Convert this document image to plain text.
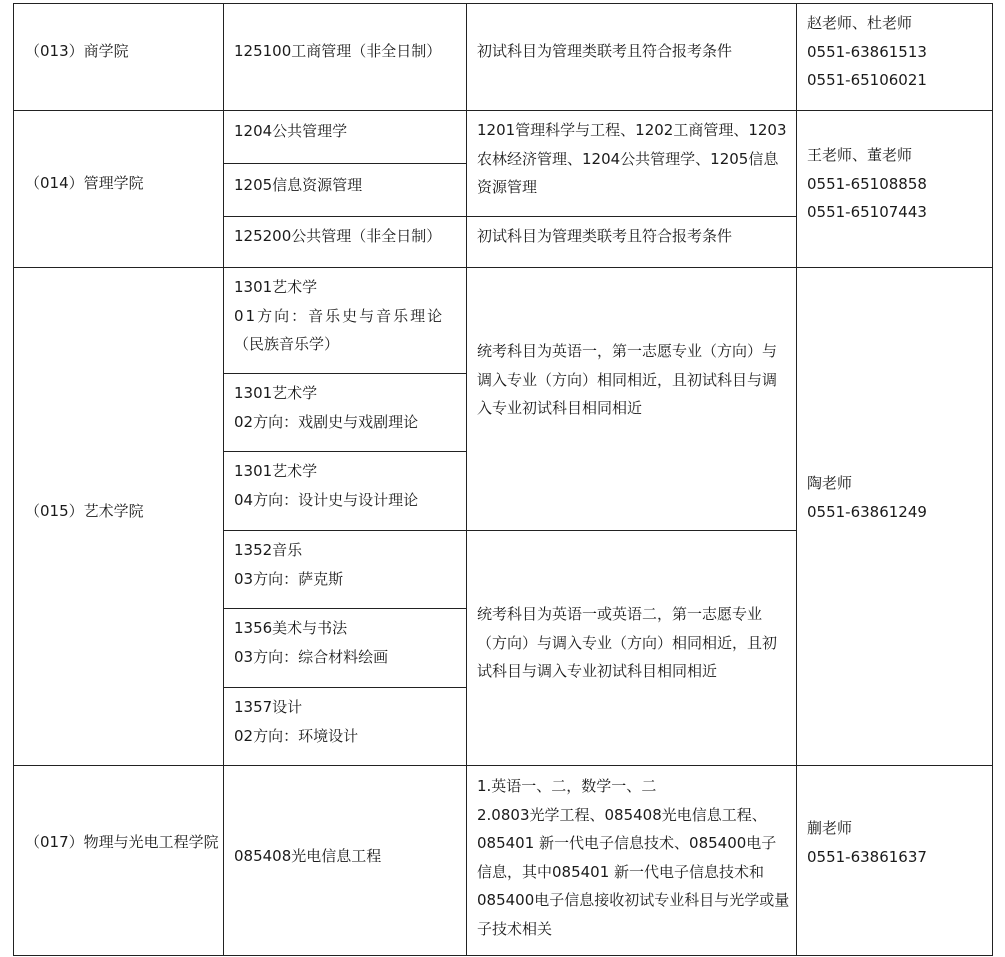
（013）商学院	125100工商管理（非全日制） 初试科目为管理类联考且符合报考条件
赵老师、杜老师
0551-63861513
0551-65106021
（014）管理学院
1204公共管理学
1205信息资源管理
125200公共管理（非全日制）
1201管理科学与工程、1202工商管理、1203农林经济管理、1204公共管理学、1205信息资源管理
初试科目为管理类联考且符合报考条件
王老师、董老师
0551-65108858
0551-65107443
（015）艺术学院
1301艺术学
01方向：音乐史与音乐理论
（民族音乐学）
1301艺术学
02方向：戏剧史与戏剧理论
1301艺术学
04方向：设计史与设计理论
1352音乐
03方向：萨克斯
1356美术与书法
03方向：综合材料绘画
1357设计
02方向：环境设计
统考科目为英语一，第一志愿专业（方向）与调入专业（方向）相同相近，且初试科目与调入专业初试科目相同相近
统考科目为英语一或英语二，第一志愿专业（方向）与调入专业（方向）相同相近，且初试科目与调入专业初试科目相同相近
陶老师
0551-63861249
（017）物理与光电工程学院
085408光电信息工程
1.英语一、二，数学一、二
2.0803光学工程、085408光电信息工程、085401 新一代电子信息技术、085400电子信息，其中085401 新一代电子信息技术和085400电子信息接收初试专业科目与光学或量子技术相关
蒯老师
0551-63861637
